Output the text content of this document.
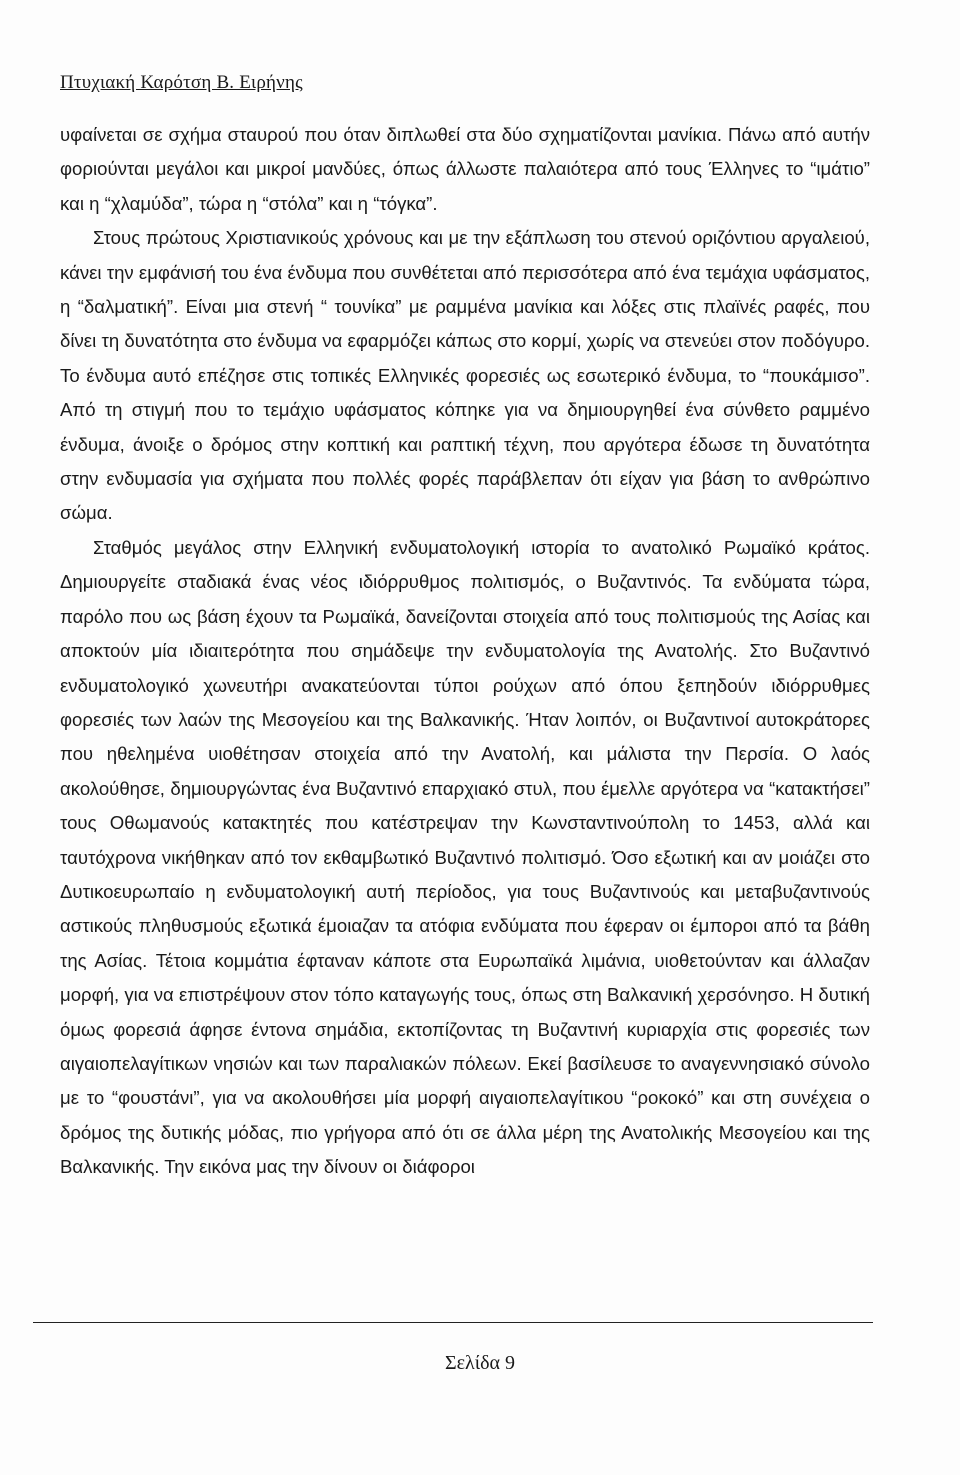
Πτυχιακή Καρότση Β. Ειρήνης

υφαίνεται σε σχήμα σταυρού που όταν διπλωθεί στα δύο σχηματίζονται μανίκια. Πάνω από αυτήν φοριούνται μεγάλοι και μικροί μανδύες, όπως άλλωστε παλαιότερα από τους Έλληνες το “ιμάτιο” και η “χλαμύδα”, τώρα η “στόλα” και η “τόγκα”.

Στους πρώτους Χριστιανικούς χρόνους και με την εξάπλωση του στενού οριζόντιου αργαλειού, κάνει την εμφάνισή του ένα ένδυμα που συνθέτεται από περισσότερα από ένα τεμάχια υφάσματος, η “δαλματική”. Είναι μια στενή “ τουνίκα” με ραμμένα μανίκια και λόξες στις πλαϊνές ραφές, που δίνει τη δυνατότητα στο ένδυμα να εφαρμόζει κάπως στο κορμί, χωρίς να στενεύει στον ποδόγυρο. Το ένδυμα αυτό επέζησε στις τοπικές Ελληνικές φορεσιές ως εσωτερικό ένδυμα, το “πουκάμισο”. Από τη στιγμή που το τεμάχιο υφάσματος κόπηκε για να δημιουργηθεί ένα σύνθετο ραμμένο ένδυμα, άνοιξε ο δρόμος στην κοπτική και ραπτική τέχνη, που αργότερα έδωσε τη δυνατότητα στην ενδυμασία για σχήματα που πολλές φορές παράβλεπαν ότι είχαν για βάση το ανθρώπινο σώμα.

Σταθμός μεγάλος στην Ελληνική ενδυματολογική ιστορία το ανατολικό Ρωμαϊκό κράτος. Δημιουργείτε σταδιακά ένας νέος ιδιόρρυθμος πολιτισμός, ο Βυζαντινός. Τα ενδύματα τώρα, παρόλο που ως βάση έχουν τα Ρωμαϊκά, δανείζονται στοιχεία από τους πολιτισμούς της Ασίας και αποκτούν μία ιδιαιτερότητα που σημάδεψε την ενδυματολογία της Ανατολής. Στο Βυζαντινό ενδυματολογικό χωνευτήρι ανακατεύονται τύποι ρούχων από όπου ξεπηδούν ιδιόρρυθμες φορεσιές των λαών της Μεσογείου και της Βαλκανικής. Ήταν λοιπόν, οι Βυζαντινοί αυτοκράτορες που ηθελημένα υιοθέτησαν στοιχεία από την Ανατολή, και μάλιστα την Περσία. Ο λαός ακολούθησε, δημιουργώντας ένα Βυζαντινό επαρχιακό στυλ, που έμελλε αργότερα να “κατακτήσει” τους Οθωμανούς κατακτητές που κατέστρεψαν την Κωνσταντινούπολη το 1453, αλλά και ταυτόχρονα νικήθηκαν από τον εκθαμβωτικό Βυζαντινό πολιτισμό. Όσο εξωτική και αν μοιάζει στο Δυτικοευρωπαίο η ενδυματολογική αυτή περίοδος, για τους Βυζαντινούς και μεταβυζαντινούς αστικούς πληθυσμούς εξωτικά έμοιαζαν τα ατόφια ενδύματα που έφεραν οι έμποροι από τα βάθη της Ασίας. Τέτοια κομμάτια έφταναν κάποτε στα Ευρωπαϊκά λιμάνια, υιοθετούνταν και άλλαζαν μορφή, για να επιστρέψουν στον τόπο καταγωγής τους, όπως στη Βαλκανική χερσόνησο. Η δυτική όμως φορεσιά άφησε έντονα σημάδια, εκτοπίζοντας τη Βυζαντινή κυριαρχία στις φορεσιές των αιγαιοπελαγίτικων νησιών και των παραλιακών πόλεων. Εκεί βασίλευσε το αναγεννησιακό σύνολο με το “φουστάνι”, για να ακολουθήσει μία μορφή αιγαιοπελαγίτικου “ροκοκό” και στη συνέχεια ο δρόμος της δυτικής μόδας, πιο γρήγορα από ότι σε άλλα μέρη της Ανατολικής Μεσογείου και της Βαλκανικής. Την εικόνα μας την δίνουν οι διάφοροι

Σελίδα 9
